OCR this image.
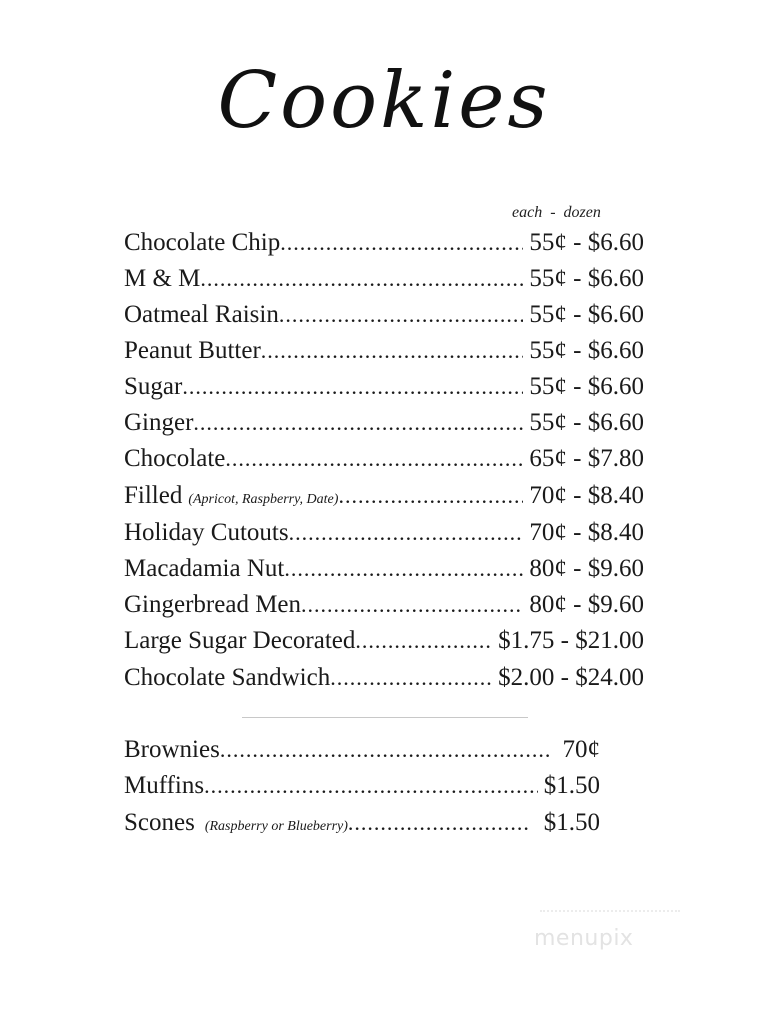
Cookies
each  -  dozen
Chocolate Chip .....	55¢ - $6.60
M & M .....	55¢ - $6.60
Oatmeal Raisin .....	55¢ - $6.60
Peanut Butter .....	55¢ - $6.60
Sugar .....	55¢ - $6.60
Ginger .....	55¢ - $6.60
Chocolate .....	65¢ - $7.80
Filled (Apricot, Raspberry, Date) .....	70¢ - $8.40
Holiday Cutouts .....	70¢ - $8.40
Macadamia Nut .....	80¢ - $9.60
Gingerbread Men .....	80¢ - $9.60
Large Sugar Decorated .....	$1.75 - $21.00
Chocolate Sandwich .....	$2.00 - $24.00
Brownies .....	70¢
Muffins .....	$1.50
Scones (Raspberry or Blueberry) .....	$1.50
menupix
